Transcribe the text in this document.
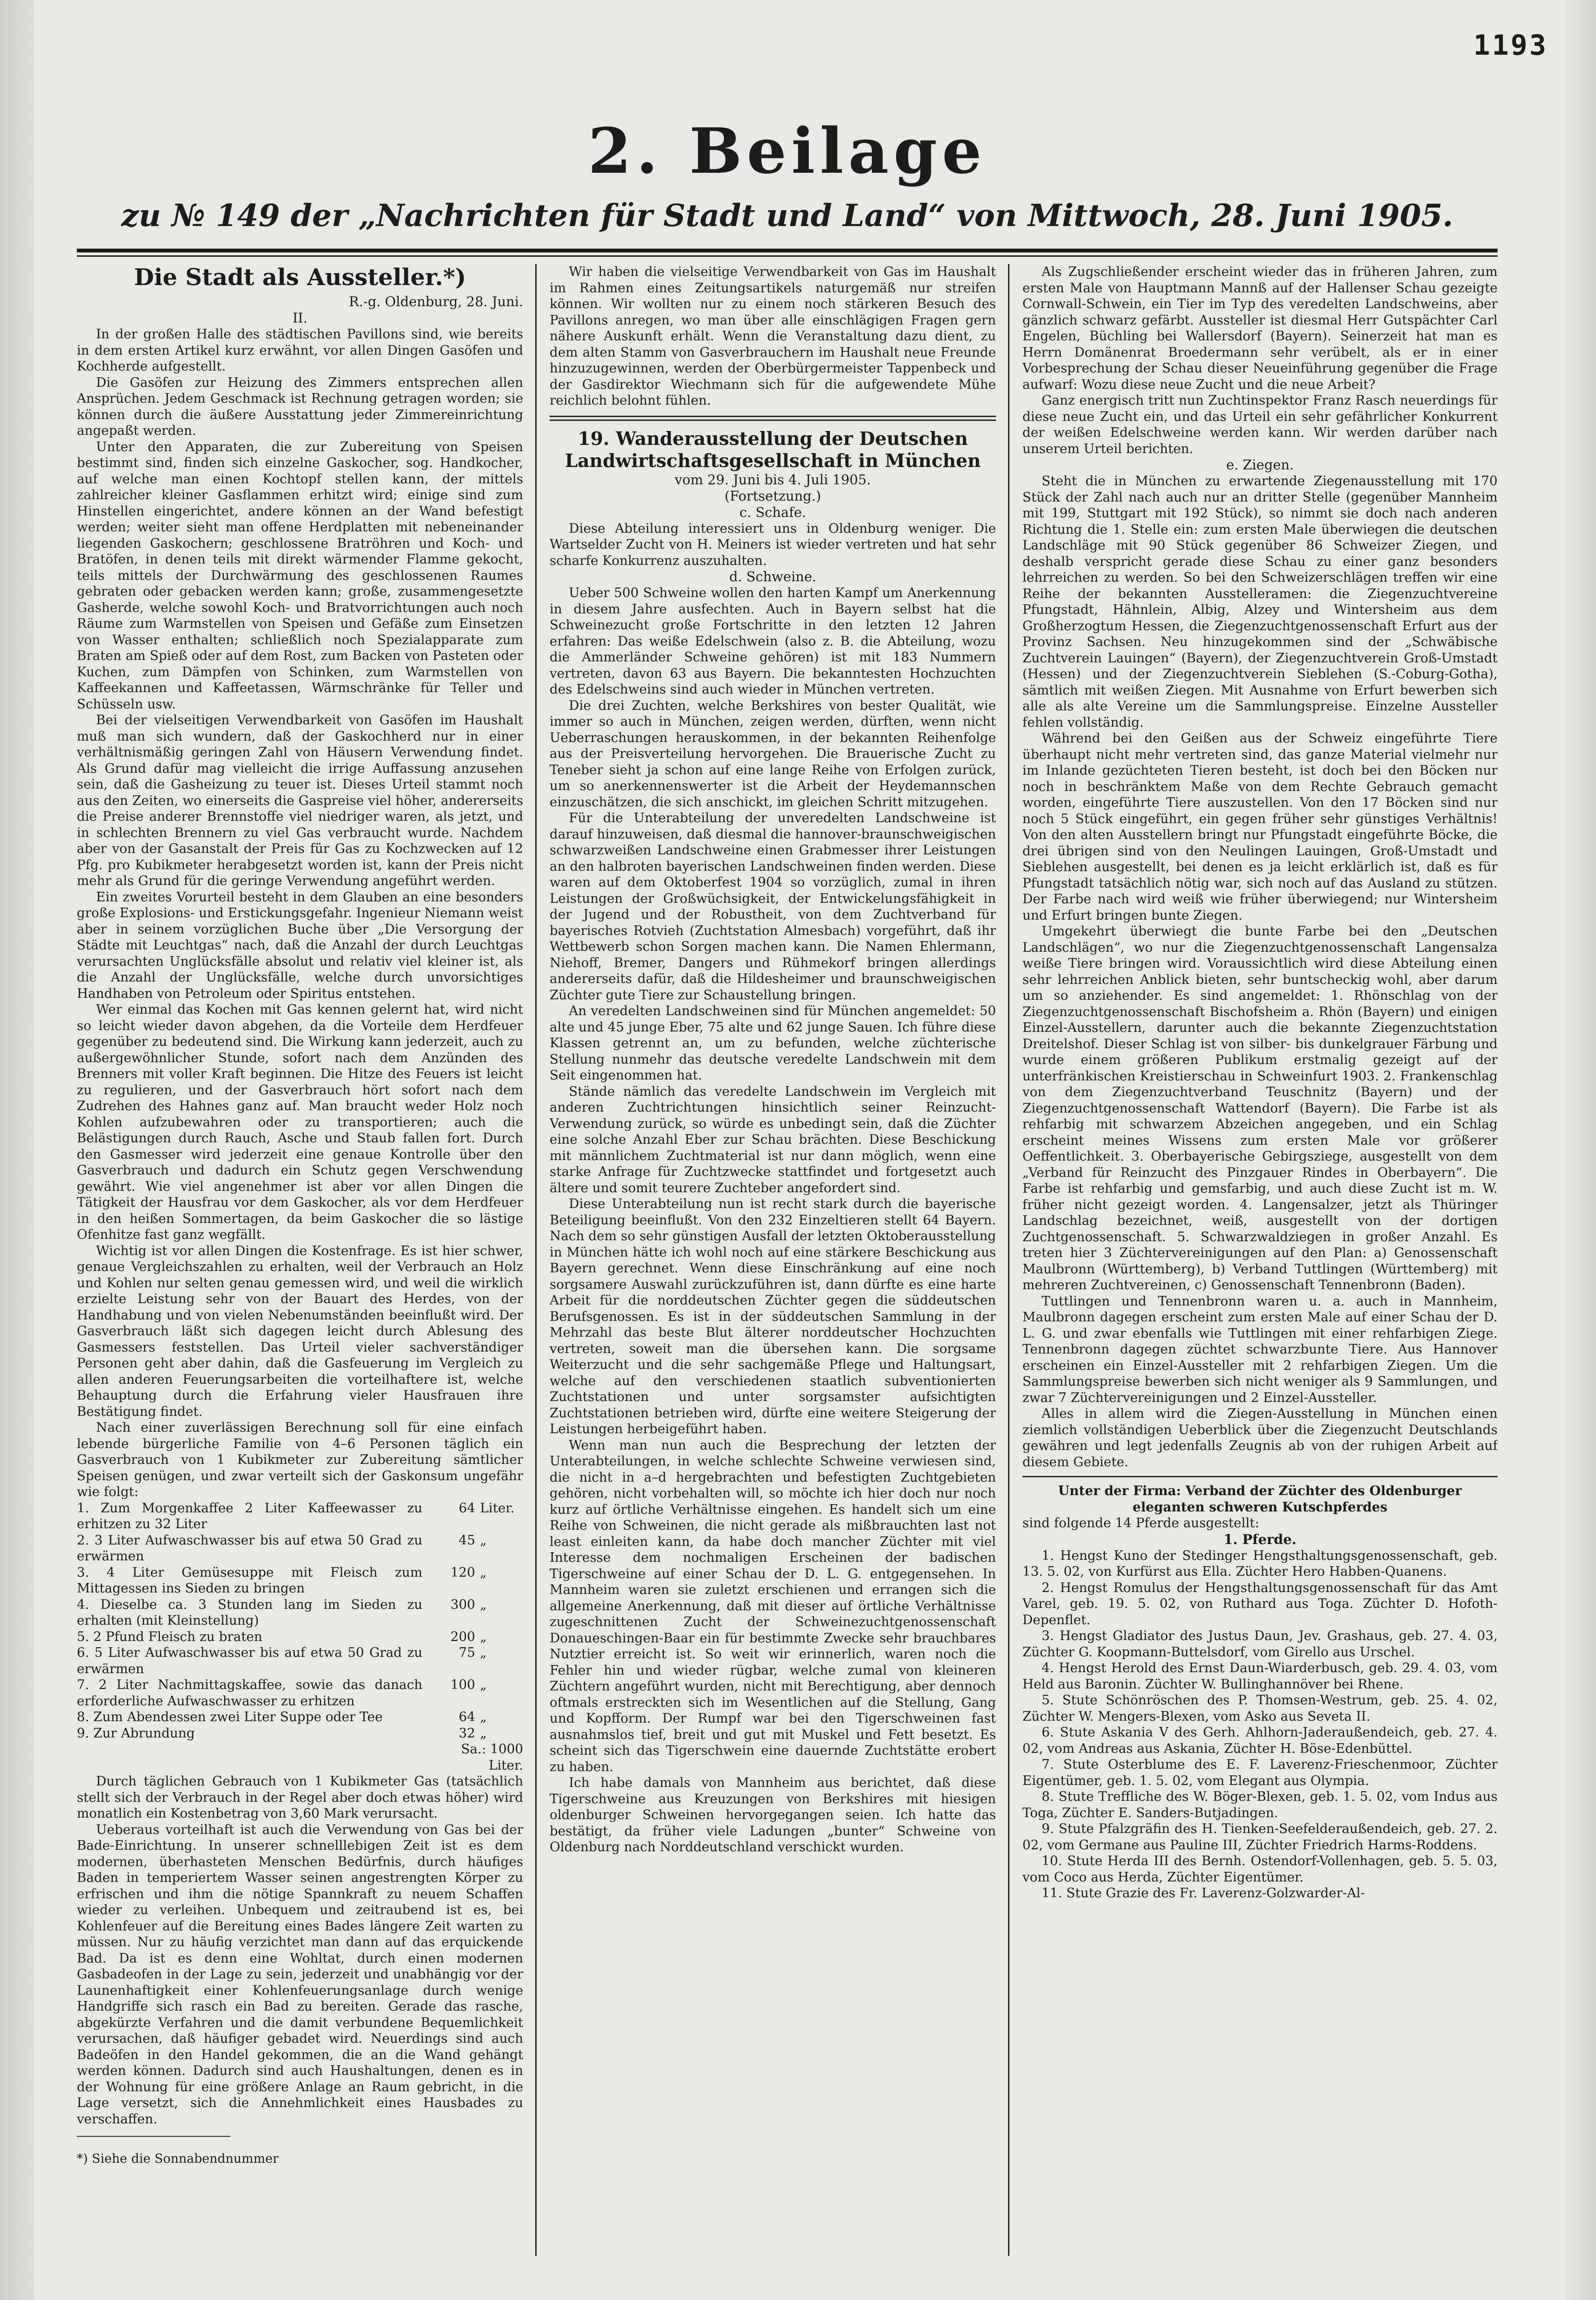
1193
2. Beilage
zu № 149 der „Nachrichten für Stadt und Land“ von Mittwoch, 28. Juni 1905.
Die Stadt als Aussteller.*)
R.-g. Oldenburg, 28. Juni.
II.

In der großen Halle des städtischen Pavillons sind, wie bereits in dem ersten Artikel kurz erwähnt, vor allen Dingen Gasöfen und Kochherde aufgestellt.

Die Gasöfen zur Heizung des Zimmers entsprechen allen Ansprüchen. Jedem Geschmack ist Rechnung getragen worden; sie können durch die äußere Ausstattung jeder Zimmereinrichtung angepaßt werden.

Unter den Apparaten, die zur Zubereitung von Speisen bestimmt sind, finden sich einzelne Gaskocher, sog. Handkocher, auf welche man einen Kochtopf stellen kann, der mittels zahlreicher kleiner Gasflammen erhitzt wird; einige sind zum Hinstellen eingerichtet, andere können an der Wand befestigt werden; weiter sieht man offene Herdplatten mit nebeneinander liegenden Gaskochern; geschlossene Bratröhren und Koch- und Bratöfen, in denen teils mit direkt wärmender Flamme gekocht, teils mittels der Durchwärmung des geschlossenen Raumes gebraten oder gebacken werden kann; große, zusammengesetzte Gasherde, welche sowohl Koch- und Bratvorrichtungen auch noch Räume zum Warmstellen von Speisen und Gefäße zum Einsetzen von Wasser enthalten; schließlich noch Spezialapparate zum Braten am Spieß oder auf dem Rost, zum Backen von Pasteten oder Kuchen, zum Dämpfen von Schinken, zum Warmstellen von Kaffeekannen und Kaffeetassen, Wärmschränke für Teller und Schüsseln usw.

Bei der vielseitigen Verwendbarkeit von Gasöfen im Haushalt muß man sich wundern, daß der Gaskochherd nur in einer verhältnismäßig geringen Zahl von Häusern Verwendung findet. Als Grund dafür mag vielleicht die irrige Auffassung anzusehen sein, daß die Gasheizung zu teuer ist. Dieses Urteil stammt noch aus den Zeiten, wo einerseits die Gaspreise viel höher, andererseits die Preise anderer Brennstoffe viel niedriger waren, als jetzt, und in schlechten Brennern zu viel Gas verbraucht wurde. Nachdem aber von der Gasanstalt der Preis für Gas zu Kochzwecken auf 12 Pfg. pro Kubikmeter herabgesetzt worden ist, kann der Preis nicht mehr als Grund für die geringe Verwendung angeführt werden.

Ein zweites Vorurteil besteht in dem Glauben an eine besonders große Explosions- und Erstickungsgefahr. Ingenieur Niemann weist aber in seinem vorzüglichen Buche über „Die Versorgung der Städte mit Leuchtgas“ nach, daß die Anzahl der durch Leuchtgas verursachten Unglücksfälle absolut und relativ viel kleiner ist, als die Anzahl der Unglücksfälle, welche durch unvorsichtiges Handhaben von Petroleum oder Spiritus entstehen.

Wer einmal das Kochen mit Gas kennen gelernt hat, wird nicht so leicht wieder davon abgehen, da die Vorteile dem Herdfeuer gegenüber zu bedeutend sind. Die Wirkung kann jederzeit, auch zu außergewöhnlicher Stunde, sofort nach dem Anzünden des Brenners mit voller Kraft beginnen. Die Hitze des Feuers ist leicht zu regulieren, und der Gasverbrauch hört sofort nach dem Zudrehen des Hahnes ganz auf. Man braucht weder Holz noch Kohlen aufzubewahren oder zu transportieren; auch die Belästigungen durch Rauch, Asche und Staub fallen fort. Durch den Gasmesser wird jederzeit eine genaue Kontrolle über den Gasverbrauch und dadurch ein Schutz gegen Verschwendung gewährt. Wie viel angenehmer ist aber vor allen Dingen die Tätigkeit der Hausfrau vor dem Gaskocher, als vor dem Herdfeuer in den heißen Sommertagen, da beim Gaskocher die so lästige Ofenhitze fast ganz wegfällt.

Wichtig ist vor allen Dingen die Kostenfrage. Es ist hier schwer, genaue Vergleichszahlen zu erhalten, weil der Verbrauch an Holz und Kohlen nur selten genau gemessen wird, und weil die wirklich erzielte Leistung sehr von der Bauart des Herdes, von der Handhabung und von vielen Nebenumständen beeinflußt wird. Der Gasverbrauch läßt sich dagegen leicht durch Ablesung des Gasmessers feststellen. Das Urteil vieler sachverständiger Personen geht aber dahin, daß die Gasfeuerung im Vergleich zu allen anderen Feuerungsarbeiten die vorteilhaftere ist, welche Behauptung durch die Erfahrung vieler Hausfrauen ihre Bestätigung findet.

Nach einer zuverlässigen Berechnung soll für eine einfach lebende bürgerliche Familie von 4–6 Personen täglich ein Gasverbrauch von 1 Kubikmeter zur Zubereitung sämtlicher Speisen genügen, und zwar verteilt sich der Gaskonsum ungefähr wie folgt:

1. Zum Morgenkaffee 2 Liter Kaffeewasser zu erhitzen zu 32 Liter	64	Liter.
2. 3 Liter Aufwaschwasser bis auf etwa 50 Grad zu erwärmen	45	„
3. 4 Liter Gemüsesuppe mit Fleisch zum Mittagessen ins Sieden zu bringen	120	„
4. Dieselbe ca. 3 Stunden lang im Sieden zu erhalten (mit Kleinstellung)	300	„
5. 2 Pfund Fleisch zu braten	200	„
6. 5 Liter Aufwaschwasser bis auf etwa 50 Grad zu erwärmen	75	„
7. 2 Liter Nachmittagskaffee, sowie das danach erforderliche Aufwaschwasser zu erhitzen	100	„
8. Zum Abendessen zwei Liter Suppe oder Tee	64	„
9. Zur Abrundung	32	„
	Sa.: 1000 Liter.	

Durch täglichen Gebrauch von 1 Kubikmeter Gas (tatsächlich stellt sich der Verbrauch in der Regel aber doch etwas höher) wird monatlich ein Kostenbetrag von 3,60 Mark verursacht.

Ueberaus vorteilhaft ist auch die Verwendung von Gas bei der Bade-Einrichtung. In unserer schnelllebigen Zeit ist es dem modernen, überhasteten Menschen Bedürfnis, durch häufiges Baden in temperiertem Wasser seinen angestrengten Körper zu erfrischen und ihm die nötige Spannkraft zu neuem Schaffen wieder zu verleihen. Unbequem und zeitraubend ist es, bei Kohlenfeuer auf die Bereitung eines Bades längere Zeit warten zu müssen. Nur zu häufig verzichtet man dann auf das erquickende Bad. Da ist es denn eine Wohltat, durch einen modernen Gasbadeofen in der Lage zu sein, jederzeit und unabhängig vor der Launenhaftigkeit einer Kohlenfeuerungsanlage durch wenige Handgriffe sich rasch ein Bad zu bereiten. Gerade das rasche, abgekürzte Verfahren und die damit verbundene Bequemlichkeit verursachen, daß häufiger gebadet wird. Neuerdings sind auch Badeöfen in den Handel gekommen, die an die Wand gehängt werden können. Dadurch sind auch Haushaltungen, denen es in der Wohnung für eine größere Anlage an Raum gebricht, in die Lage versetzt, sich die Annehmlichkeit eines Hausbades zu verschaffen.

*) Siehe die Sonnabendnummer

Wir haben die vielseitige Verwendbarkeit von Gas im Haushalt im Rahmen eines Zeitungsartikels naturgemäß nur streifen können. Wir wollten nur zu einem noch stärkeren Besuch des Pavillons anregen, wo man über alle einschlägigen Fragen gern nähere Auskunft erhält. Wenn die Veranstaltung dazu dient, zu dem alten Stamm von Gasverbrauchern im Haushalt neue Freunde hinzuzugewinnen, werden der Oberbürgermeister Tappenbeck und der Gasdirektor Wiechmann sich für die aufgewendete Mühe reichlich belohnt fühlen.

19. Wanderausstellung der Deutschen Landwirtschaftsgesellschaft in München
vom 29. Juni bis 4. Juli 1905.
(Fortsetzung.)
c. Schafe.

Diese Abteilung interessiert uns in Oldenburg weniger. Die Wartselder Zucht von H. Meiners ist wieder vertreten und hat sehr scharfe Konkurrenz auszuhalten.

d. Schweine.

Ueber 500 Schweine wollen den harten Kampf um Anerkennung in diesem Jahre ausfechten. Auch in Bayern selbst hat die Schweinezucht große Fortschritte in den letzten 12 Jahren erfahren: Das weiße Edelschwein (also z. B. die Abteilung, wozu die Ammerländer Schweine gehören) ist mit 183 Nummern vertreten, davon 63 aus Bayern. Die bekanntesten Hochzuchten des Edelschweins sind auch wieder in München vertreten.

Die drei Zuchten, welche Berkshires von bester Qualität, wie immer so auch in München, zeigen werden, dürften, wenn nicht Ueberraschungen herauskommen, in der bekannten Reihenfolge aus der Preisverteilung hervorgehen. Die Brauerische Zucht zu Teneber sieht ja schon auf eine lange Reihe von Erfolgen zurück, um so anerkennenswerter ist die Arbeit der Heydemannschen einzuschätzen, die sich anschickt, im gleichen Schritt mitzugehen.

Für die Unterabteilung der unveredelten Landschweine ist darauf hinzuweisen, daß diesmal die hannover-braunschweigischen schwarzweißen Landschweine einen Grabmesser ihrer Leistungen an den halbroten bayerischen Landschweinen finden werden. Diese waren auf dem Oktoberfest 1904 so vorzüglich, zumal in ihren Leistungen der Großwüchsigkeit, der Entwickelungsfähigkeit in der Jugend und der Robustheit, von dem Zuchtverband für bayerisches Rotvieh (Zuchtstation Almesbach) vorgeführt, daß ihr Wettbewerb schon Sorgen machen kann. Die Namen Ehlermann, Niehoff, Bremer, Dangers und Rühmekorf bringen allerdings andererseits dafür, daß die Hildesheimer und braunschweigischen Züchter gute Tiere zur Schaustellung bringen.

An veredelten Landschweinen sind für München angemeldet: 50 alte und 45 junge Eber, 75 alte und 62 junge Sauen. Ich führe diese Klassen getrennt an, um zu befunden, welche züchterische Stellung nunmehr das deutsche veredelte Landschwein mit dem Seit eingenommen hat.

Stände nämlich das veredelte Landschwein im Vergleich mit anderen Zuchtrichtungen hinsichtlich seiner Reinzucht-Verwendung zurück, so würde es unbedingt sein, daß die Züchter eine solche Anzahl Eber zur Schau brächten. Diese Beschickung mit männlichem Zuchtmaterial ist nur dann möglich, wenn eine starke Anfrage für Zuchtzwecke stattfindet und fortgesetzt auch ältere und somit teurere Zuchteber angefordert sind.

Diese Unterabteilung nun ist recht stark durch die bayerische Beteiligung beeinflußt. Von den 232 Einzeltieren stellt 64 Bayern. Nach dem so sehr günstigen Ausfall der letzten Oktoberausstellung in München hätte ich wohl noch auf eine stärkere Beschickung aus Bayern gerechnet. Wenn diese Einschränkung auf eine noch sorgsamere Auswahl zurückzuführen ist, dann dürfte es eine harte Arbeit für die norddeutschen Züchter gegen die süddeutschen Berufsgenossen. Es ist in der süddeutschen Sammlung in der Mehrzahl das beste Blut älterer norddeutscher Hochzuchten vertreten, soweit man die übersehen kann. Die sorgsame Weiterzucht und die sehr sachgemäße Pflege und Haltungsart, welche auf den verschiedenen staatlich subventionierten Zuchtstationen und unter sorgsamster aufsichtigten Zuchtstationen betrieben wird, dürfte eine weitere Steigerung der Leistungen herbeigeführt haben.

Wenn man nun auch die Besprechung der letzten der Unterabteilungen, in welche schlechte Schweine verwiesen sind, die nicht in a–d hergebrachten und befestigten Zuchtgebieten gehören, nicht vorbehalten will, so möchte ich hier doch nur noch kurz auf örtliche Verhältnisse eingehen. Es handelt sich um eine Reihe von Schweinen, die nicht gerade als mißbrauchten last not least einleiten kann, da habe doch mancher Züchter mit viel Interesse dem nochmaligen Erscheinen der badischen Tigerschweine auf einer Schau der D. L. G. entgegensehen. In Mannheim waren sie zuletzt erschienen und errangen sich die allgemeine Anerkennung, daß mit dieser auf örtliche Verhältnisse zugeschnittenen Zucht der Schweinezuchtgenossenschaft Donaueschingen-Baar ein für bestimmte Zwecke sehr brauchbares Nutztier erreicht ist. So weit wir erinnerlich, waren noch die Fehler hin und wieder rügbar, welche zumal von kleineren Züchtern angeführt wurden, nicht mit Berechtigung, aber dennoch oftmals erstreckten sich im Wesentlichen auf die Stellung, Gang und Kopfform. Der Rumpf war bei den Tigerschweinen fast ausnahmslos tief, breit und gut mit Muskel und Fett besetzt. Es scheint sich das Tigerschwein eine dauernde Zuchtstätte erobert zu haben.

Ich habe damals von Mannheim aus berichtet, daß diese Tigerschweine aus Kreuzungen von Berkshires mit hiesigen oldenburger Schweinen hervorgegangen seien. Ich hatte das bestätigt, da früher viele Ladungen „bunter“ Schweine von Oldenburg nach Norddeutschland verschickt wurden.

Als Zugschließender erscheint wieder das in früheren Jahren, zum ersten Male von Hauptmann Mannß auf der Hallenser Schau gezeigte Cornwall-Schwein, ein Tier im Typ des veredelten Landschweins, aber gänzlich schwarz gefärbt. Aussteller ist diesmal Herr Gutspächter Carl Engelen, Büchling bei Wallersdorf (Bayern). Seinerzeit hat man es Herrn Domänenrat Broedermann sehr verübelt, als er in einer Vorbesprechung der Schau dieser Neueinführung gegenüber die Frage aufwarf: Wozu diese neue Zucht und die neue Arbeit?

Ganz energisch tritt nun Zuchtinspektor Franz Rasch neuerdings für diese neue Zucht ein, und das Urteil ein sehr gefährlicher Konkurrent der weißen Edelschweine werden kann. Wir werden darüber nach unserem Urteil berichten.

e. Ziegen.

Steht die in München zu erwartende Ziegenausstellung mit 170 Stück der Zahl nach auch nur an dritter Stelle (gegenüber Mannheim mit 199, Stuttgart mit 192 Stück), so nimmt sie doch nach anderen Richtung die 1. Stelle ein: zum ersten Male überwiegen die deutschen Landschläge mit 90 Stück gegenüber 86 Schweizer Ziegen, und deshalb verspricht gerade diese Schau zu einer ganz besonders lehrreichen zu werden. So bei den Schweizerschlägen treffen wir eine Reihe der bekannten Ausstelleramen: die Ziegenzuchtvereine Pfungstadt, Hähnlein, Albig, Alzey und Wintersheim aus dem Großherzogtum Hessen, die Ziegenzuchtgenossenschaft Erfurt aus der Provinz Sachsen. Neu hinzugekommen sind der „Schwäbische Zuchtverein Lauingen“ (Bayern), der Ziegenzuchtverein Groß-Umstadt (Hessen) und der Ziegenzuchtverein Sieblehen (S.-Coburg-Gotha), sämtlich mit weißen Ziegen. Mit Ausnahme von Erfurt bewerben sich alle als alte Vereine um die Sammlungspreise. Einzelne Aussteller fehlen vollständig.

Während bei den Geißen aus der Schweiz eingeführte Tiere überhaupt nicht mehr vertreten sind, das ganze Material vielmehr nur im Inlande gezüchteten Tieren besteht, ist doch bei den Böcken nur noch in beschränktem Maße von dem Rechte Gebrauch gemacht worden, eingeführte Tiere auszustellen. Von den 17 Böcken sind nur noch 5 Stück eingeführt, ein gegen früher sehr günstiges Verhältnis! Von den alten Ausstellern bringt nur Pfungstadt eingeführte Böcke, die drei übrigen sind von den Neulingen Lauingen, Groß-Umstadt und Sieblehen ausgestellt, bei denen es ja leicht erklärlich ist, daß es für Pfungstadt tatsächlich nötig war, sich noch auf das Ausland zu stützen. Der Farbe nach wird weiß wie früher überwiegend; nur Wintersheim und Erfurt bringen bunte Ziegen.

Umgekehrt überwiegt die bunte Farbe bei den „Deutschen Landschlägen“, wo nur die Ziegenzuchtgenossenschaft Langensalza weiße Tiere bringen wird. Voraussichtlich wird diese Abteilung einen sehr lehrreichen Anblick bieten, sehr buntscheckig wohl, aber darum um so anziehender. Es sind angemeldet: 1. Rhönschlag von der Ziegenzuchtgenossenschaft Bischofsheim a. Rhön (Bayern) und einigen Einzel-Ausstellern, darunter auch die bekannte Ziegenzuchtstation Dreitelshof. Dieser Schlag ist von silber- bis dunkelgrauer Färbung und wurde einem größeren Publikum erstmalig gezeigt auf der unterfränkischen Kreistierschau in Schweinfurt 1903. 2. Frankenschlag von dem Ziegenzuchtverband Teuschnitz (Bayern) und der Ziegenzuchtgenossenschaft Wattendorf (Bayern). Die Farbe ist als rehfarbig mit schwarzem Abzeichen angegeben, und ein Schlag erscheint meines Wissens zum ersten Male vor größerer Oeffentlichkeit. 3. Oberbayerische Gebirgsziege, ausgestellt von dem „Verband für Reinzucht des Pinzgauer Rindes in Oberbayern“. Die Farbe ist rehfarbig und gemsfarbig, und auch diese Zucht ist m. W. früher nicht gezeigt worden. 4. Langensalzer, jetzt als Thüringer Landschlag bezeichnet, weiß, ausgestellt von der dortigen Zuchtgenossenschaft. 5. Schwarzwaldziegen in großer Anzahl. Es treten hier 3 Züchtervereinigungen auf den Plan: a) Genossenschaft Maulbronn (Württemberg), b) Verband Tuttlingen (Württemberg) mit mehreren Zuchtvereinen, c) Genossenschaft Tennenbronn (Baden).

Tuttlingen und Tennenbronn waren u. a. auch in Mannheim, Maulbronn dagegen erscheint zum ersten Male auf einer Schau der D. L. G. und zwar ebenfalls wie Tuttlingen mit einer rehfarbigen Ziege. Tennenbronn dagegen züchtet schwarzbunte Tiere. Aus Hannover erscheinen ein Einzel-Aussteller mit 2 rehfarbigen Ziegen. Um die Sammlungspreise bewerben sich nicht weniger als 9 Sammlungen, und zwar 7 Züchtervereinigungen und 2 Einzel-Aussteller.

Alles in allem wird die Ziegen-Ausstellung in München einen ziemlich vollständigen Ueberblick über die Ziegenzucht Deutschlands gewähren und legt jedenfalls Zeugnis ab von der ruhigen Arbeit auf diesem Gebiete.

Unter der Firma: Verband der Züchter des Oldenburger eleganten schweren Kutschpferdes

sind folgende 14 Pferde ausgestellt:

1. Pferde.

1. Hengst Kuno der Stedinger Hengsthaltungsgenossenschaft, geb. 13. 5. 02, von Kurfürst aus Ella. Züchter Hero Habben-Quanens.

2. Hengst Romulus der Hengsthaltungsgenossenschaft für das Amt Varel, geb. 19. 5. 02, von Ruthard aus Toga. Züchter D. Hofoth-Depenflet.

3. Hengst Gladiator des Justus Daun, Jev. Grashaus, geb. 27. 4. 03, Züchter G. Koopmann-Buttelsdorf, vom Girello aus Urschel.

4. Hengst Herold des Ernst Daun-Wiarderbusch, geb. 29. 4. 03, vom Held aus Baronin. Züchter W. Bullinghannöver bei Rhene.

5. Stute Schönröschen des P. Thomsen-Westrum, geb. 25. 4. 02, Züchter W. Mengers-Blexen, vom Asko aus Seveta II.

6. Stute Askania V des Gerh. Ahlhorn-Jaderaußendeich, geb. 27. 4. 02, vom Andreas aus Askania, Züchter H. Böse-Edenbüttel.

7. Stute Osterblume des E. F. Laverenz-Frieschenmoor, Züchter Eigentümer, geb. 1. 5. 02, vom Elegant aus Olympia.

8. Stute Treffliche des W. Böger-Blexen, geb. 1. 5. 02, vom Indus aus Toga, Züchter E. Sanders-Butjadingen.

9. Stute Pfalzgräfin des H. Tienken-Seefelderaußendeich, geb. 27. 2. 02, vom Germane aus Pauline III, Züchter Friedrich Harms-Roddens.

10. Stute Herda III des Bernh. Ostendorf-Vollenhagen, geb. 5. 5. 03, vom Coco aus Herda, Züchter Eigentümer.

11. Stute Grazie des Fr. Laverenz-Golzwarder-Al-
